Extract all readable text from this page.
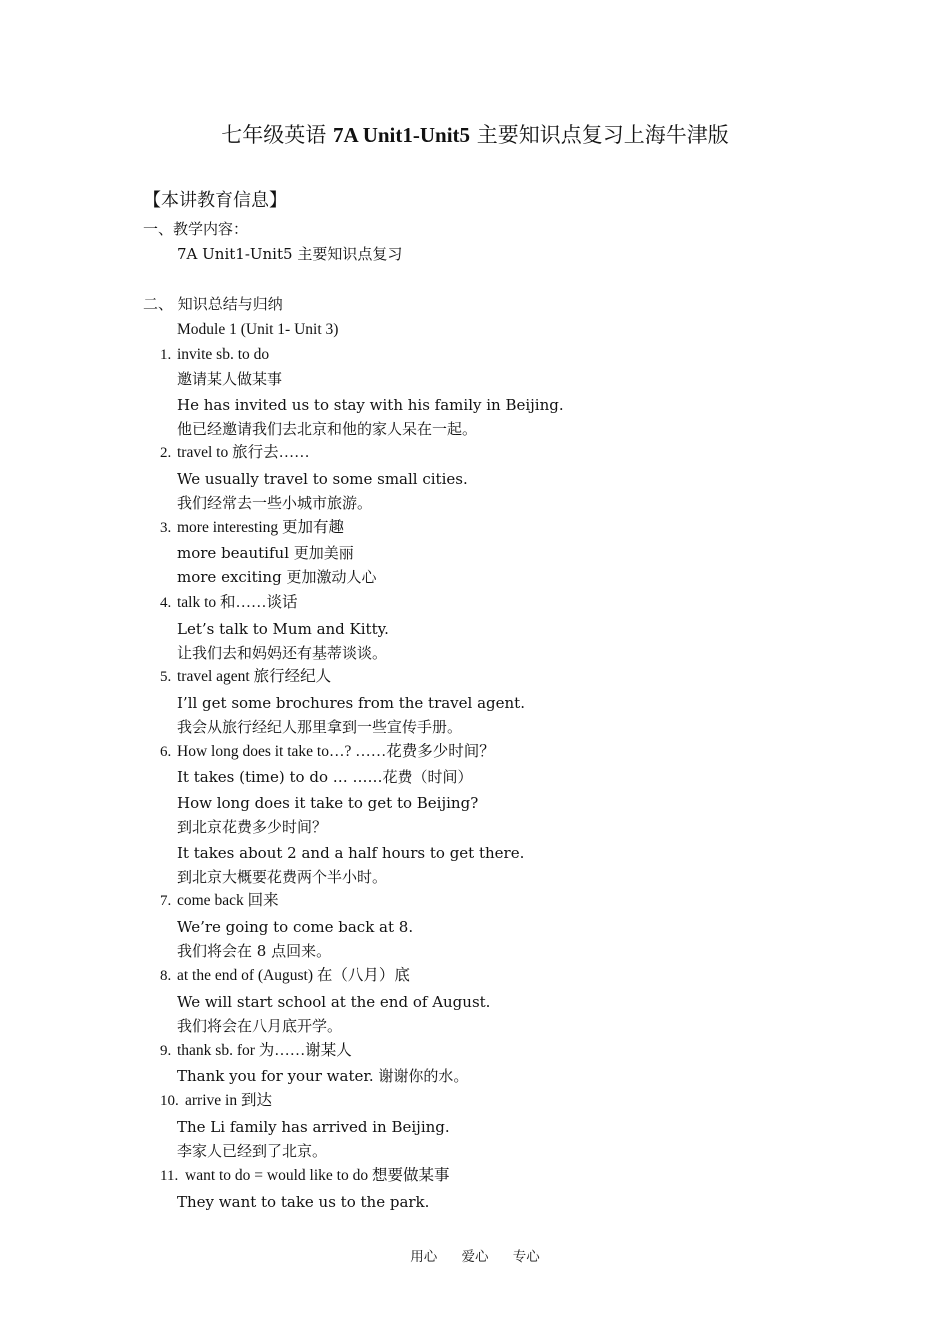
七年级英语 7A Unit1-Unit5 主要知识点复习上海牛津版
【本讲教育信息】
一、教学内容：
7A Unit1-Unit5 主要知识点复习
二、 知识总结与归纳
Module 1 (Unit 1- Unit 3)
1. invite sb. to do
邀请某人做某事
He has invited us to stay with his family in Beijing.
他已经邀请我们去北京和他的家人呆在一起。
2. travel to 旅行去……
We usually travel to some small cities.
我们经常去一些小城市旅游。
3. more interesting 更加有趣
more beautiful 更加美丽
more exciting 更加激动人心
4. talk to 和……谈话
Let’s talk to Mum and Kitty.
让我们去和妈妈还有基蒂谈谈。
5. travel agent 旅行经纪人
I’ll get some brochures from the travel agent.
我会从旅行经纪人那里拿到一些宣传手册。
6. How long does it take to…? ……花费多少时间？
It takes (time) to do … ……花费（时间）
How long does it take to get to Beijing?
到北京花费多少时间？
It takes about 2 and a half hours to get there.
到北京大概要花费两个半小时。
7. come back 回来
We’re going to come back at 8.
我们将会在 8 点回来。
8. at the end of (August) 在（八月）底
We will start school at the end of August.
我们将会在八月底开学。
9. thank sb. for 为……谢某人
Thank you for your water. 谢谢你的水。
10. arrive in 到达
The Li family has arrived in Beijing.
李家人已经到了北京。
11. want to do = would like to do 想要做某事
They want to take us to the park.
用心 爱心 专心
